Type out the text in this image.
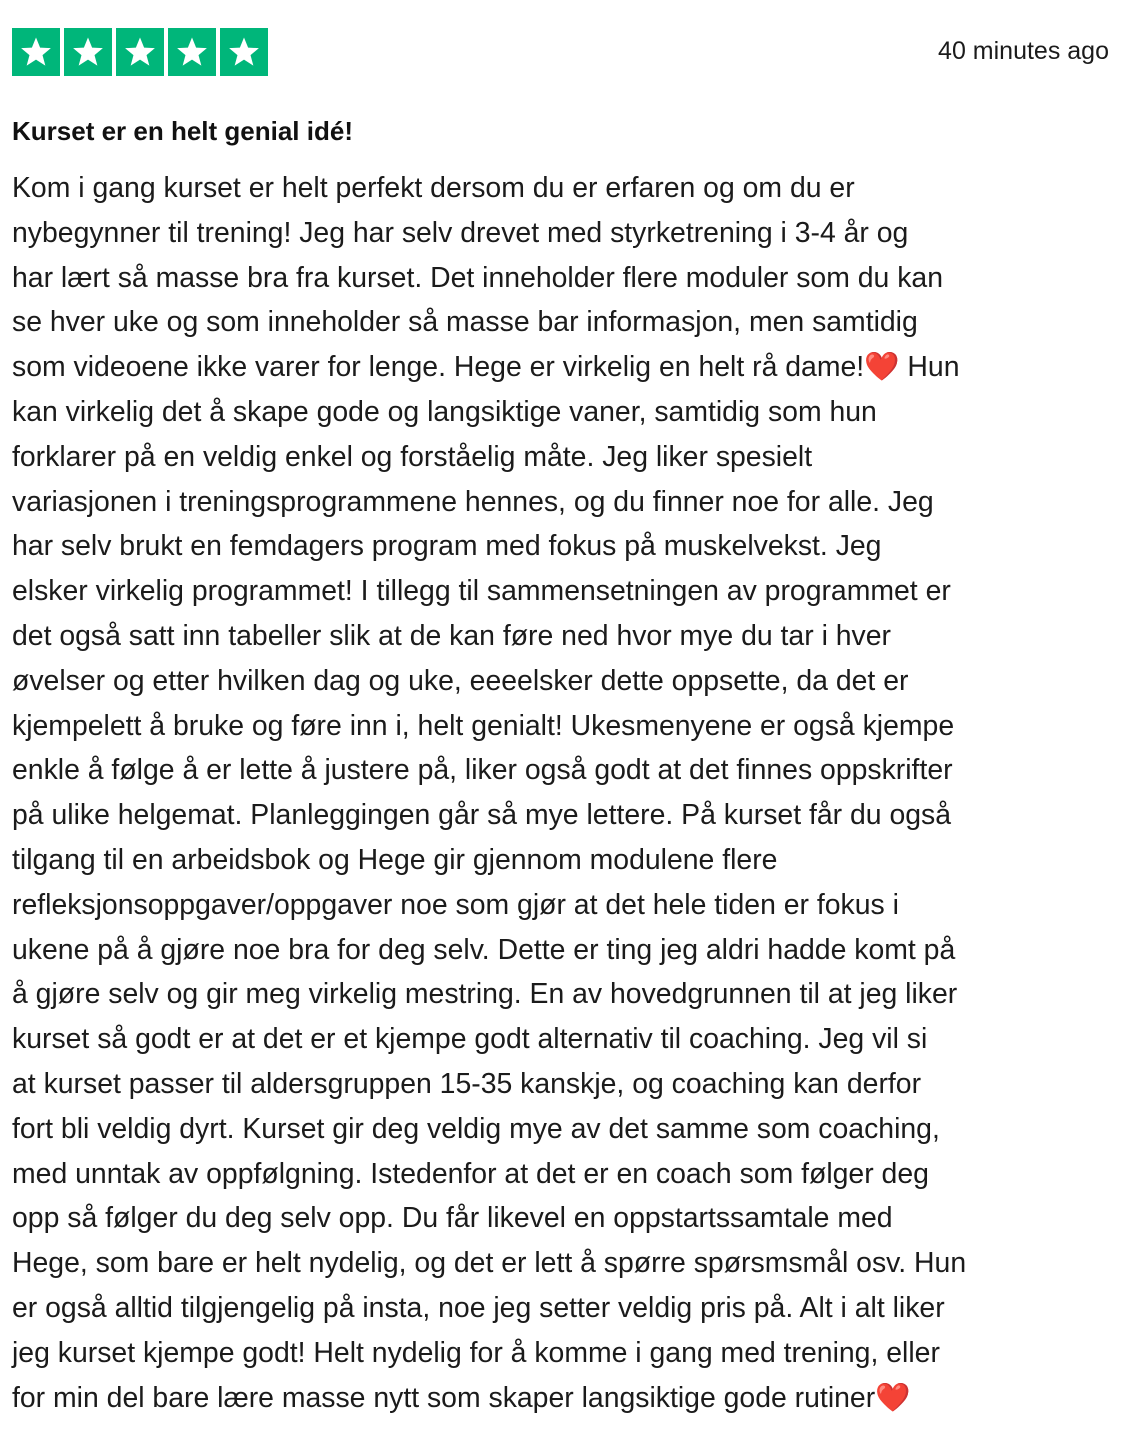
40 minutes ago
Kurset er en helt genial idé!
Kom i gang kurset er helt perfekt dersom du er erfaren og om du er
nybegynner til trening! Jeg har selv drevet med styrketrening i 3-4 år og
har lært så masse bra fra kurset. Det inneholder flere moduler som du kan
se hver uke og som inneholder så masse bar informasjon, men samtidig
som videoene ikke varer for lenge. Hege er virkelig en helt rå dame!❤️ Hun
kan virkelig det å skape gode og langsiktige vaner, samtidig som hun
forklarer på en veldig enkel og forståelig måte. Jeg liker spesielt
variasjonen i treningsprogrammene hennes, og du finner noe for alle. Jeg
har selv brukt en femdagers program med fokus på muskelvekst. Jeg
elsker virkelig programmet! I tillegg til sammensetningen av programmet er
det også satt inn tabeller slik at de kan føre ned hvor mye du tar i hver
øvelser og etter hvilken dag og uke, eeeelsker dette oppsette, da det er
kjempelett å bruke og føre inn i, helt genialt! Ukesmenyene er også kjempe
enkle å følge å er lette å justere på, liker også godt at det finnes oppskrifter
på ulike helgemat. Planleggingen går så mye lettere. På kurset får du også
tilgang til en arbeidsbok og Hege gir gjennom modulene flere
refleksjonsoppgaver/oppgaver noe som gjør at det hele tiden er fokus i
ukene på å gjøre noe bra for deg selv. Dette er ting jeg aldri hadde komt på
å gjøre selv og gir meg virkelig mestring. En av hovedgrunnen til at jeg liker
kurset så godt er at det er et kjempe godt alternativ til coaching. Jeg vil si
at kurset passer til aldersgruppen 15-35 kanskje, og coaching kan derfor
fort bli veldig dyrt. Kurset gir deg veldig mye av det samme som coaching,
med unntak av oppfølgning. Istedenfor at det er en coach som følger deg
opp så følger du deg selv opp. Du får likevel en oppstartssamtale med
Hege, som bare er helt nydelig, og det er lett å spørre spørsmsmål osv. Hun
er også alltid tilgjengelig på insta, noe jeg setter veldig pris på. Alt i alt liker
jeg kurset kjempe godt! Helt nydelig for å komme i gang med trening, eller
for min del bare lære masse nytt som skaper langsiktige gode rutiner❤️
